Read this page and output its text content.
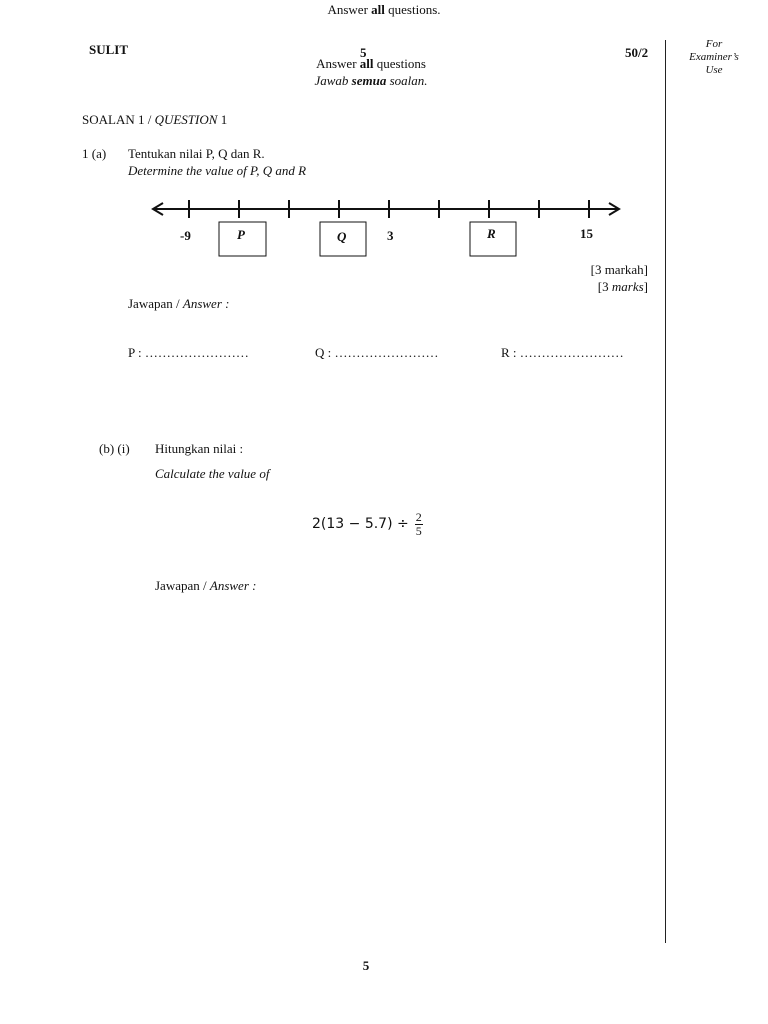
Answer all questions.
SULIT	5	50/2
For
Examiner’s
Use
Answer all questions
Jawab semua soalan.
SOALAN 1 / QUESTION 1
1 (a) Tentukan nilai P, Q dan R.
Determine the value of P, Q and R
-9	P	Q	3	R	15
[3 markah]
[3 marks]
Jawapan / Answer :
P : ……………………	Q : ……………………	R : ……………………
(b) (i) Hitungkan nilai :
Calculate the value of
$2(13 - 5.7) \div \frac{2}{5}$
Jawapan / Answer :
5
